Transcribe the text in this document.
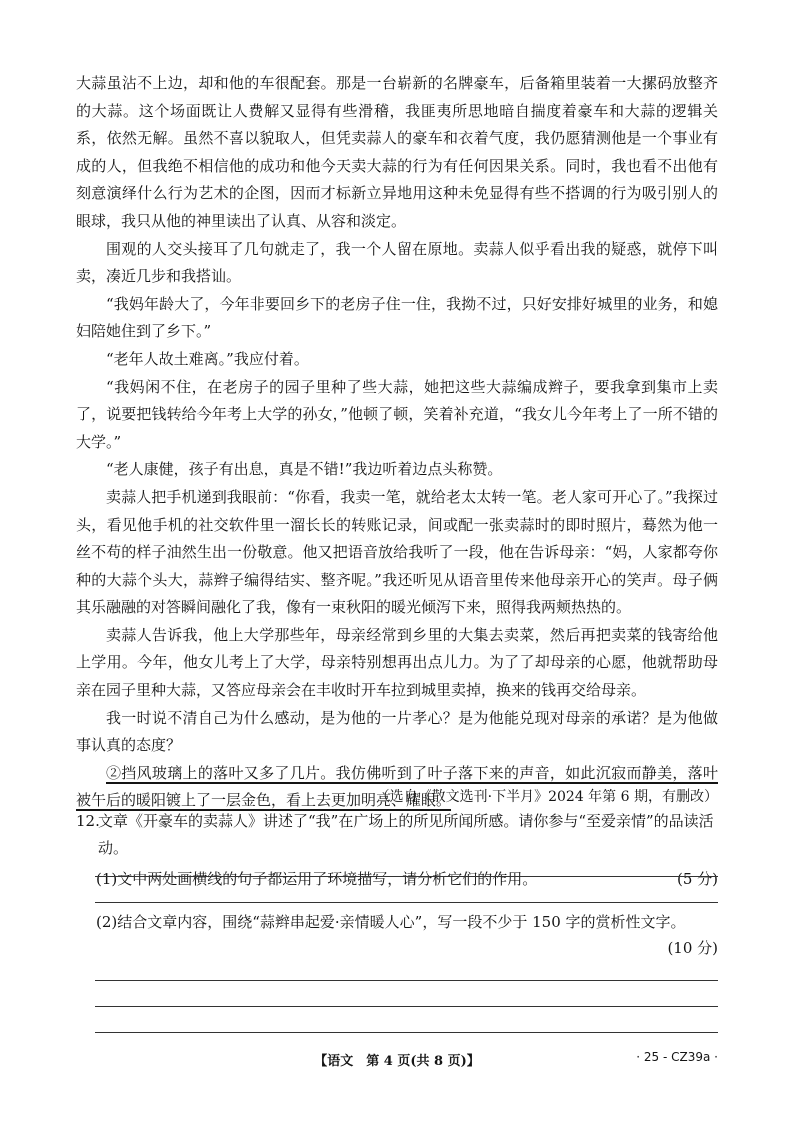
大蒜虽沾不上边，却和他的车很配套。那是一台崭新的名牌豪车，后备箱里装着一大摞码放整齐的大蒜。这个场面既让人费解又显得有些滑稽，我匪夷所思地暗自揣度着豪车和大蒜的逻辑关系，依然无解。虽然不喜以貌取人，但凭卖蒜人的豪车和衣着气度，我仍愿猜测他是一个事业有成的人，但我绝不相信他的成功和他今天卖大蒜的行为有任何因果关系。同时，我也看不出他有刻意演绎什么行为艺术的企图，因而才标新立异地用这种未免显得有些不搭调的行为吸引别人的眼球，我只从他的神里读出了认真、从容和淡定。

围观的人交头接耳了几句就走了，我一个人留在原地。卖蒜人似乎看出我的疑惑，就停下叫卖，凑近几步和我搭讪。

“我妈年龄大了，今年非要回乡下的老房子住一住，我拗不过，只好安排好城里的业务，和媳妇陪她住到了乡下。”

“老年人故土难离。”我应付着。

“我妈闲不住，在老房子的园子里种了些大蒜，她把这些大蒜编成辫子，要我拿到集市上卖了，说要把钱转给今年考上大学的孙女，”他顿了顿，笑着补充道，“我女儿今年考上了一所不错的大学。”

“老人康健，孩子有出息，真是不错!”我边听着边点头称赞。

卖蒜人把手机递到我眼前：“你看，我卖一笔，就给老太太转一笔。老人家可开心了。”我探过头，看见他手机的社交软件里一溜长长的转账记录，间或配一张卖蒜时的即时照片，蓦然为他一丝不苟的样子油然生出一份敬意。他又把语音放给我听了一段，他在告诉母亲：“妈，人家都夸你种的大蒜个头大，蒜辫子编得结实、整齐呢。”我还听见从语音里传来他母亲开心的笑声。母子俩其乐融融的对答瞬间融化了我，像有一束秋阳的暖光倾泻下来，照得我两颊热热的。

卖蒜人告诉我，他上大学那些年，母亲经常到乡里的大集去卖菜，然后再把卖菜的钱寄给他上学用。今年，他女儿考上了大学，母亲特别想再出点儿力。为了了却母亲的心愿，他就帮助母亲在园子里种大蒜，又答应母亲会在丰收时开车拉到城里卖掉，换来的钱再交给母亲。

我一时说不清自己为什么感动，是为他的一片孝心？是为他能兑现对母亲的承诺？是为他做事认真的态度？

②挡风玻璃上的落叶又多了几片。我仿佛听到了叶子落下来的声音，如此沉寂而静美，落叶被午后的暖阳镀上了一层金色，看上去更加明亮、耀眼。

（选自《散文选刊·下半月》2024 年第 6 期，有删改）
12.
文章《开豪车的卖蒜人》讲述了“我”在广场上的所见所闻所感。请你参与“至爱亲情”的品读活动。
(1)文中两处画横线的句子都运用了环境描写，请分析它们的作用。	(5 分)
(2)结合文章内容，围绕“蒜辫串起爱·亲情暖人心”，写一段不少于 150 字的赏析性文字。
(10 分)
【语文　第 4 页(共 8 页)】	· 25 - CZ39a ·
